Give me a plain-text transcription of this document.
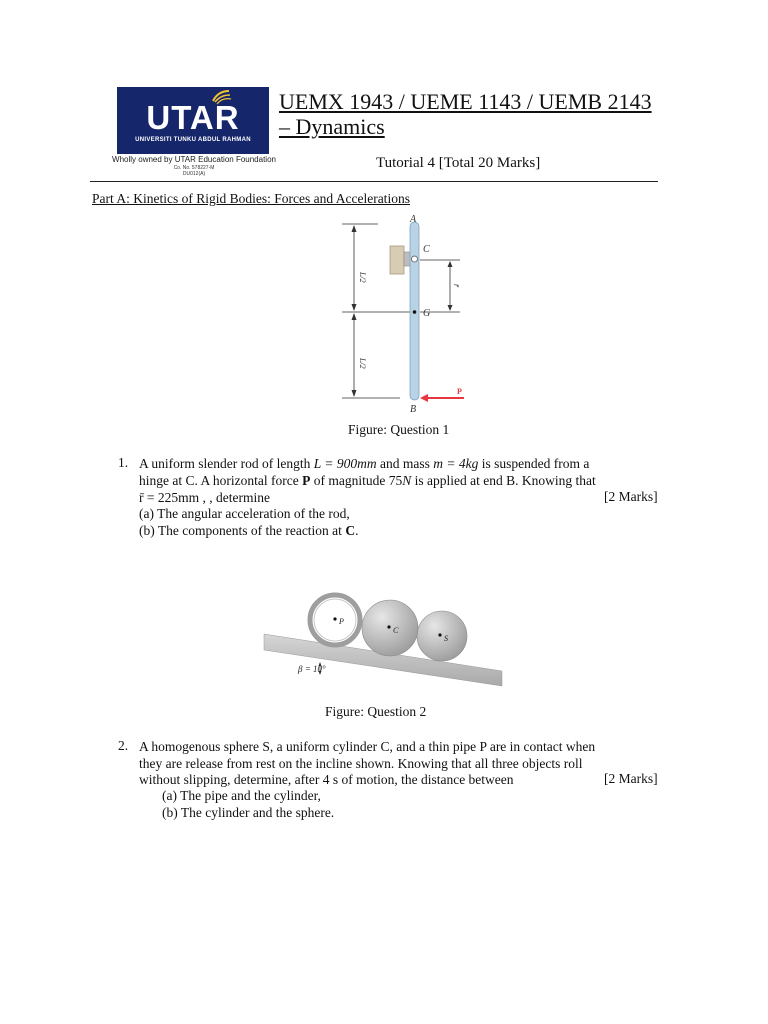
UTAR
UNIVERSITI TUNKU ABDUL RAHMAN
Wholly owned by UTAR Education Foundation
Co. No. 578227-M
DU012(A)
UEMX 1943 / UEME 1143 / UEMB 2143
– Dynamics
Tutorial 4 [Total 20 Marks]
Part A: Kinetics of Rigid Bodies: Forces and Accelerations
A
C
G
B
P
L/2
L/2
r̄
Figure: Question 1
1. A uniform slender rod of length L = 900mm and mass m = 4kg is suspended from a
hinge at C. A horizontal force P of magnitude 75N is applied at end B. Knowing that
r̄ = 225mm , , determine	[2 Marks]
(a) The angular acceleration of the rod,
(b) The components of the reaction at C.
P
C
S
β = 10°
Figure: Question 2
2. A homogenous sphere S, a uniform cylinder C, and a thin pipe P are in contact when
they are release from rest on the incline shown. Knowing that all three objects roll
without slipping, determine, after 4 s of motion, the distance between	[2 Marks]
(a) The pipe and the cylinder,
(b) The cylinder and the sphere.
